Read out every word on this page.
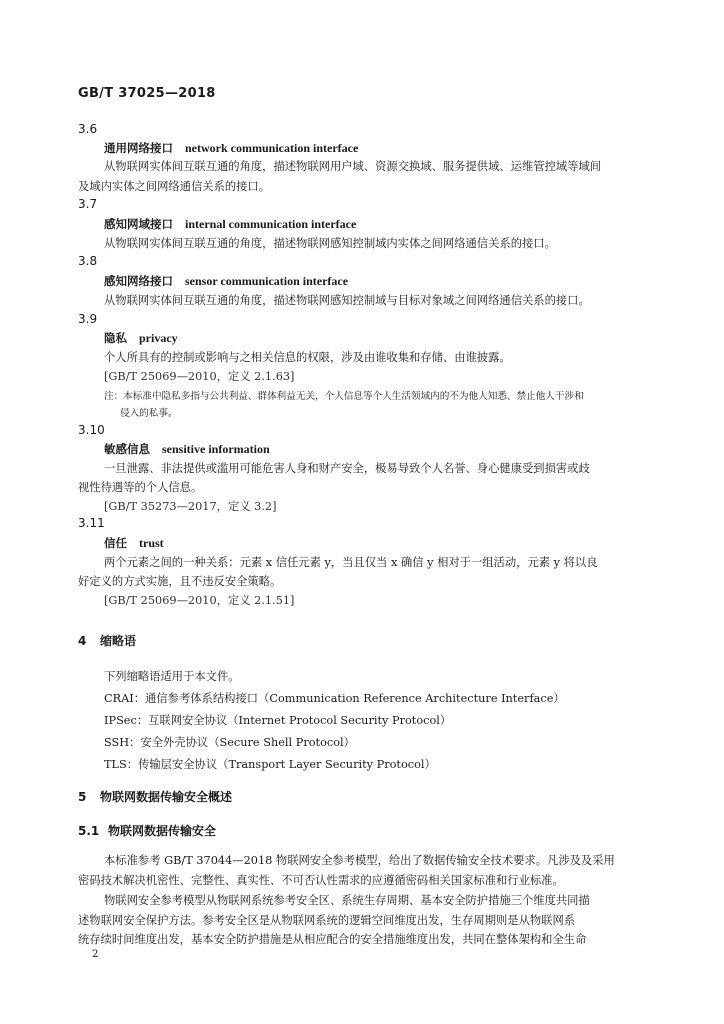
GB/T 37025—2018
3.6
通用网络接口 network communication interface
从物联网实体间互联互通的角度，描述物联网用户域、资源交换域、服务提供域、运维管控域等域间
及域内实体之间网络通信关系的接口。
3.7
感知网域接口 internal communication interface
从物联网实体间互联互通的角度，描述物联网感知控制域内实体之间网络通信关系的接口。
3.8
感知网络接口 sensor communication interface
从物联网实体间互联互通的角度，描述物联网感知控制域与目标对象域之间网络通信关系的接口。
3.9
隐私 privacy
个人所具有的控制或影响与之相关信息的权限，涉及由谁收集和存储、由谁披露。
[GB/T 25069—2010，定义 2.1.63]
注：本标准中隐私多指与公共利益、群体利益无关，个人信息等个人生活领域内的不为他人知悉、禁止他人干涉和
侵入的私事。
3.10
敏感信息 sensitive information
一旦泄露、非法提供或滥用可能危害人身和财产安全，极易导致个人名誉、身心健康受到损害或歧
视性待遇等的个人信息。
[GB/T 35273—2017，定义 3.2]
3.11
信任 trust
两个元素之间的一种关系：元素 x 信任元素 y，当且仅当 x 确信 y 相对于一组活动，元素 y 将以良
好定义的方式实施，且不违反安全策略。
[GB/T 25069—2010，定义 2.1.51]
4 缩略语
下列缩略语适用于本文件。
CRAI：通信参考体系结构接口（Communication Reference Architecture Interface）
IPSec：互联网安全协议（Internet Protocol Security Protocol）
SSH：安全外壳协议（Secure Shell Protocol）
TLS：传输层安全协议（Transport Layer Security Protocol）
5 物联网数据传输安全概述
5.1 物联网数据传输安全
本标准参考 GB/T 37044—2018 物联网安全参考模型，给出了数据传输安全技术要求。凡涉及及采用
密码技术解决机密性、完整性、真实性、不可否认性需求的应遵循密码相关国家标准和行业标准。
物联网安全参考模型从物联网系统参考安全区、系统生存周期、基本安全防护措施三个维度共同描
述物联网安全保护方法。参考安全区是从物联网系统的逻辑空间维度出发，生存周期则是从物联网系
统存续时间维度出发，基本安全防护措施是从相应配合的安全措施维度出发，共同在整体架构和全生命
2
